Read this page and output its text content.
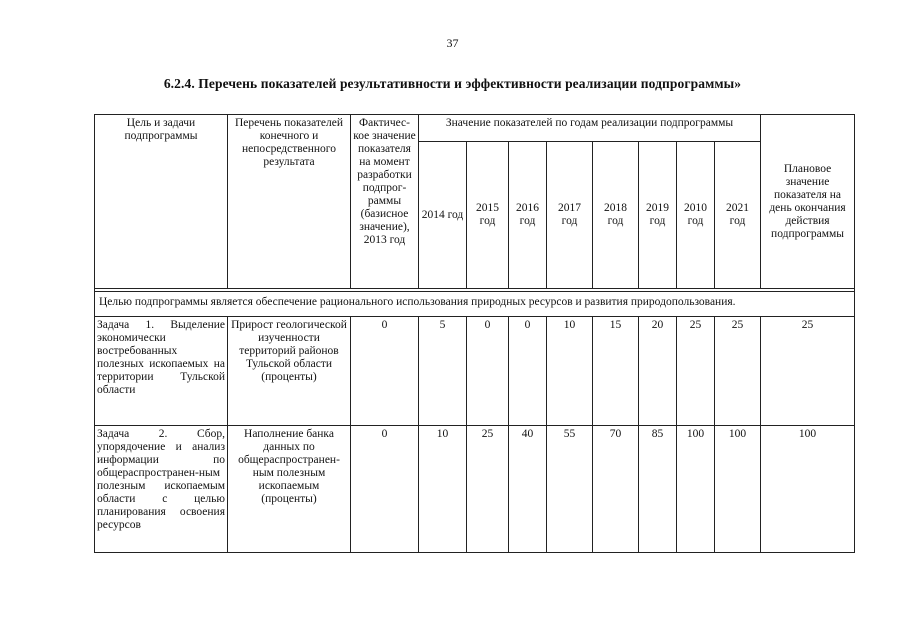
37
6.2.4. Перечень показателей результативности и эффективности реализации подпрограммы»
Цель и задачи подпрограммы	Перечень показателей конечного и непосредственного результата	Фактичес-кое значение показателя на момент разработки подпрог-раммы (базисное значение), 2013 год	Значение показателей по годам реализации подпрограммы								Плановое значение показателя на день окончания действия подпрограммы
			2014 год	2015 год	2016 год	2017 год	2018 год	2019 год	2010 год	2021 год	

Целью подпрограммы является обеспечение рационального использования природных ресурсов и развития природопользования.											
Задача 1. Выделение экономически востребованных полезных ископаемых на территории Тульской области	Прирост геологической изученности территорий районов Тульской области (проценты)	0	5	0	0	10	15	20	25	25	25
Задача 2. Сбор, упорядочение и анализ информации по общераспространен-ным полезным ископаемым области с целью планирования освоения ресурсов	Наполнение банка данных по общераспространен-ным полезным ископаемым (проценты)	0	10	25	40	55	70	85	100	100	100
